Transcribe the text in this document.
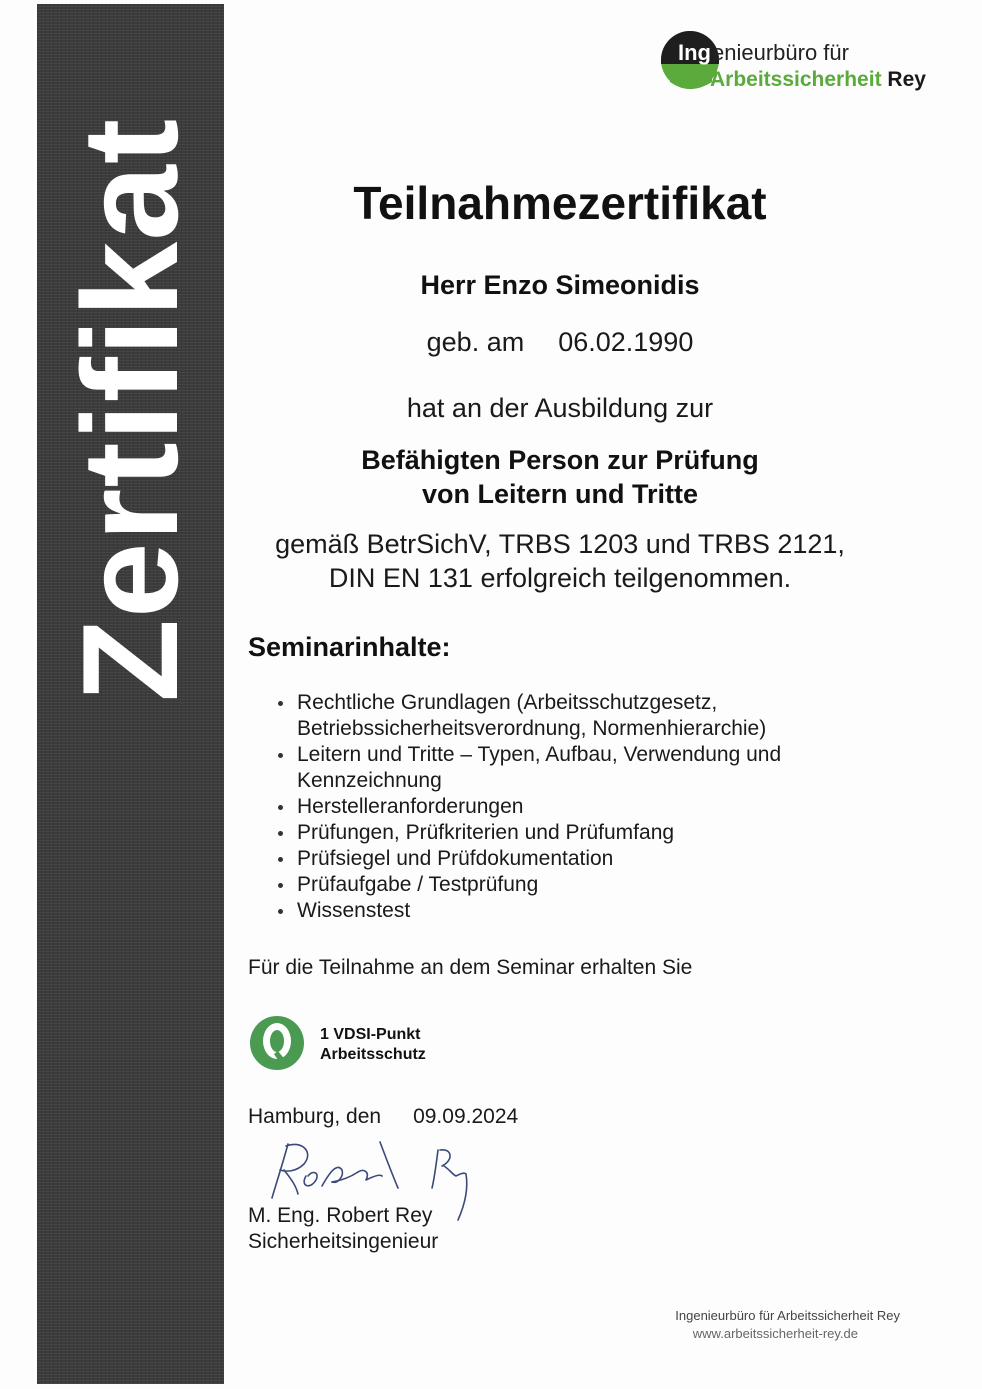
Zertifikat
Ingenieurbüro für
Arbeitssicherheit Rey
Teilnahmezertifikat
Herr Enzo Simeonidis
geb. am 06.02.1990
hat an der Ausbildung zur
Befähigten Person zur Prüfung
von Leitern und Tritte
gemäß BetrSichV, TRBS 1203 und TRBS 2121,
DIN EN 131 erfolgreich teilgenommen.
Seminarinhalte:
Rechtliche Grundlagen (Arbeitsschutzgesetz,
Betriebssicherheitsverordnung, Normenhierarchie)
Leitern und Tritte – Typen, Aufbau, Verwendung und
Kennzeichnung
Herstelleranforderungen
Prüfungen, Prüfkriterien und Prüfumfang
Prüfsiegel und Prüfdokumentation
Prüfaufgabe / Testprüfung
Wissenstest
Für die Teilnahme an dem Seminar erhalten Sie
1 VDSI-Punkt
Arbeitsschutz
Hamburg, den 09.09.2024
M. Eng. Robert Rey
Sicherheitsingenieur
Ingenieurbüro für Arbeitssicherheit Rey
www.arbeitssicherheit-rey.de
